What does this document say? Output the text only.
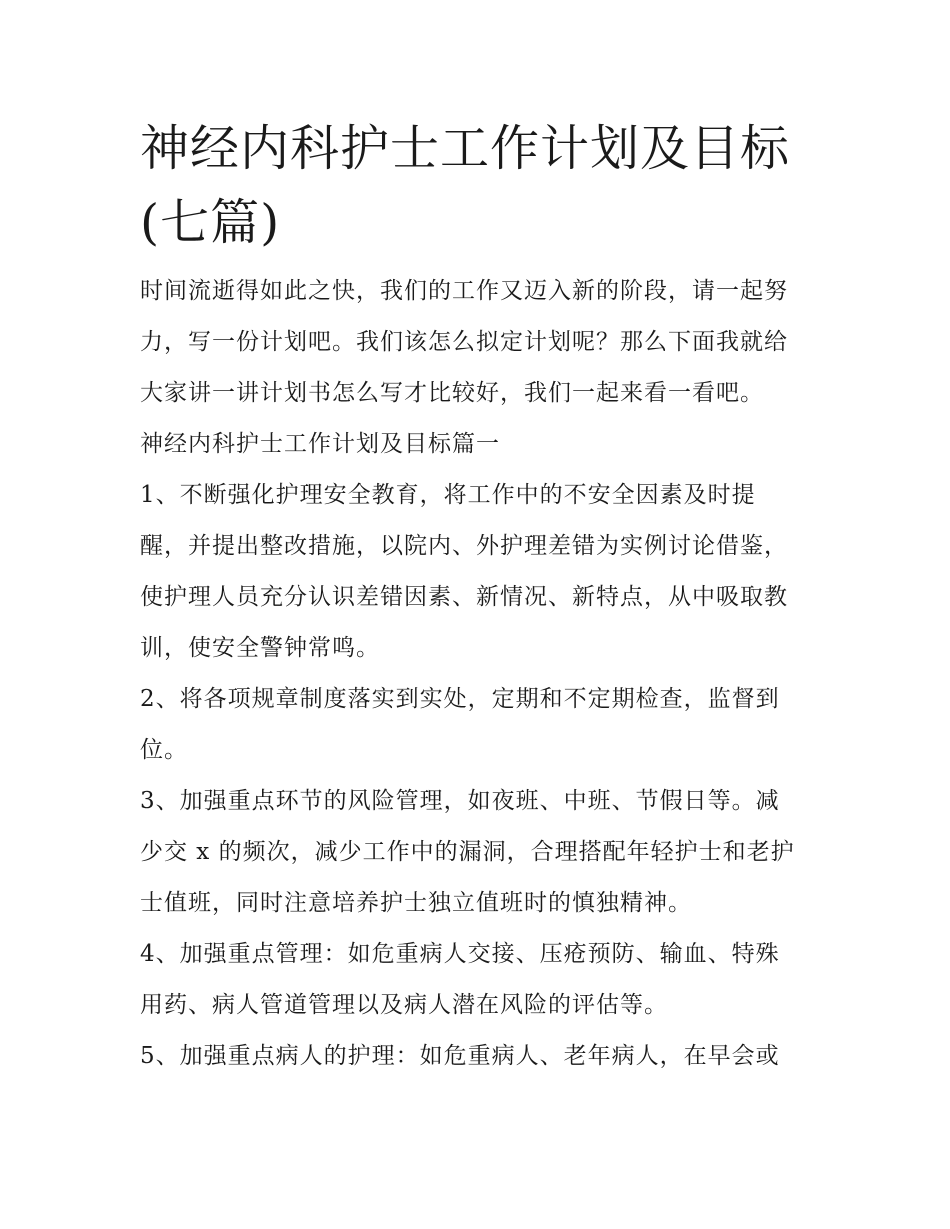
神经内科护士工作计划及目标
(七篇)

时间流逝得如此之快，我们的工作又迈入新的阶段，请一起努
力，写一份计划吧。我们该怎么拟定计划呢？那么下面我就给
大家讲一讲计划书怎么写才比较好，我们一起来看一看吧。

神经内科护士工作计划及目标篇一

1、不断强化护理安全教育，将工作中的不安全因素及时提
醒，并提出整改措施，以院内、外护理差错为实例讨论借鉴，
使护理人员充分认识差错因素、新情况、新特点，从中吸取教
训，使安全警钟常鸣。

2、将各项规章制度落实到实处，定期和不定期检查，监督到
位。

3、加强重点环节的风险管理，如夜班、中班、节假日等。减
少交 x 的频次，减少工作中的漏洞，合理搭配年轻护士和老护
士值班，同时注意培养护士独立值班时的慎独精神。

4、加强重点管理：如危重病人交接、压疮预防、输血、特殊
用药、病人管道管理以及病人潜在风险的评估等。

5、加强重点病人的护理：如危重病人、老年病人，在早会或
